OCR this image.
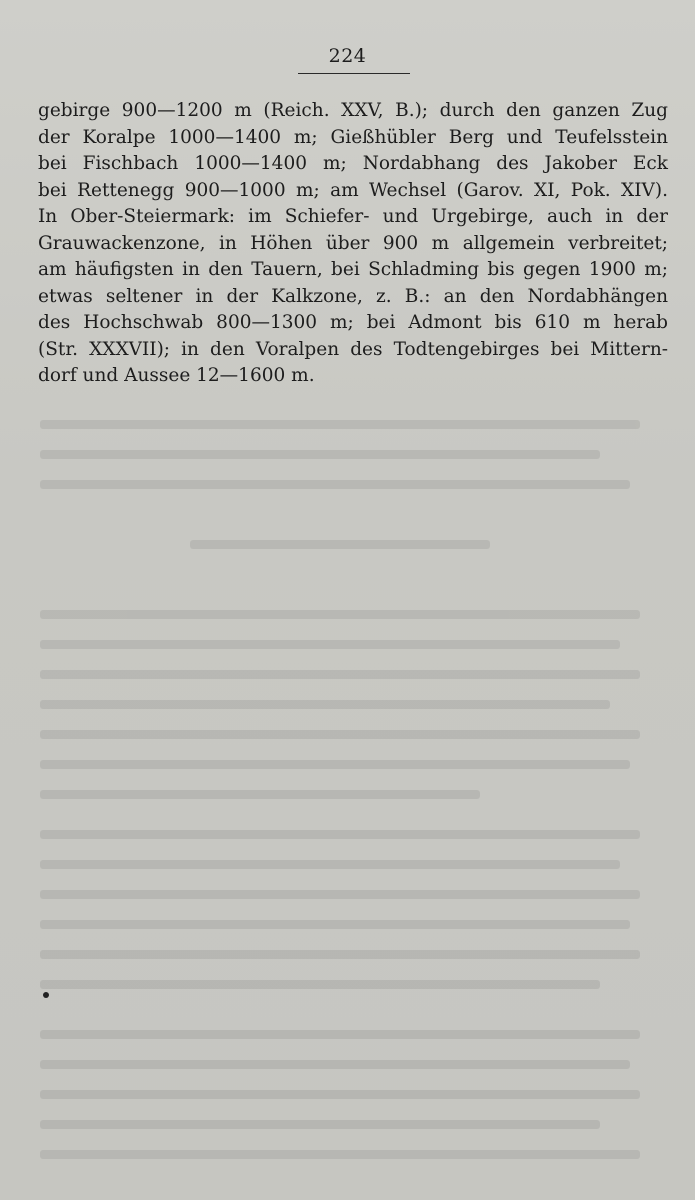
224
gebirge 900—1200 m (Reich. XXV, B.); durch den ganzen Zug
der Koralpe 1000—1400 m; Gießhübler Berg und Teufelsstein
bei Fischbach 1000—1400 m; Nordabhang des Jakober Eck
bei Rettenegg 900—1000 m; am Wechsel (Garov. XI, Pok. XIV).
In Ober-Steiermark: im Schiefer- und Urgebirge, auch in der
Grauwackenzone, in Höhen über 900 m allgemein verbreitet;
am häufigsten in den Tauern, bei Schladming bis gegen 1900 m;
etwas seltener in der Kalkzone, z. B.: an den Nordabhängen
des Hochschwab 800—1300 m; bei Admont bis 610 m herab
(Str. XXXVII); in den Voralpen des Todtengebirges bei Mittern-
dorf und Aussee 12—1600 m.
